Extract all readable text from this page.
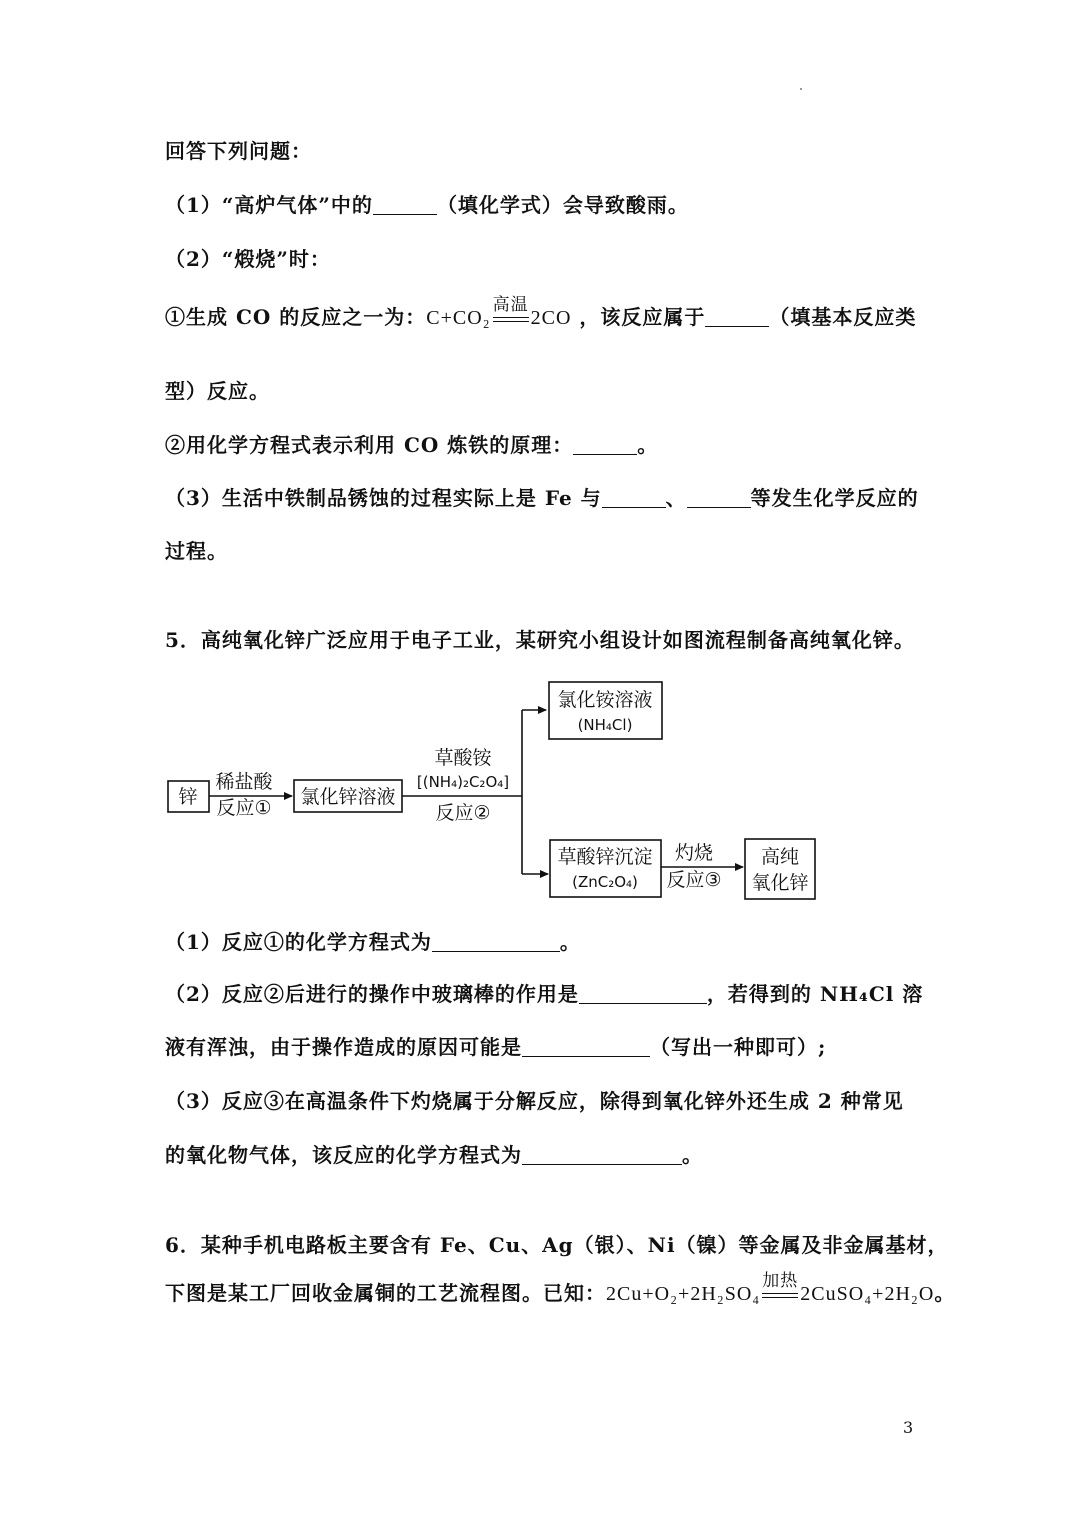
回答下列问题：
（1）“高炉气体”中的	（填化学式）会导致酸雨。
（2）“煅烧”时：
①生成 CO 的反应之一为：C+CO₂
高温
2CO ，该反应属于	（填基本反应类
型）反应。
②用化学方程式表示利用 CO 炼铁的原理：	。
（3）生活中铁制品锈蚀的过程实际上是 Fe 与	、	等发生化学反应的
过程。
5．高纯氧化锌广泛应用于电子工业，某研究小组设计如图流程制备高纯氧化锌。
锌
稀盐酸
反应① 氯化锌溶液
草酸铵
[(NH₄)₂C₂O₄]
反应②
氯化铵溶液
(NH₄Cl)
草酸锌沉淀
(ZnC₂O₄)
灼烧
反应③
高纯
氧化锌
（1）反应①的化学方程式为	。
（2）反应②后进行的操作中玻璃棒的作用是	，若得到的 NH₄Cl 溶
液有浑浊，由于操作造成的原因可能是	（写出一种即可）;
（3）反应③在高温条件下灼烧属于分解反应，除得到氧化锌外还生成 2 种常见
的氧化物气体，该反应的化学方程式为	。
6．某种手机电路板主要含有 Fe、Cu、Ag（银）、Ni（镍）等金属及非金属基材，
下图是某工厂回收金属铜的工艺流程图。已知：2Cu+O₂+2H₂SO₄
加热
2CuSO₄+2H₂O。
3
